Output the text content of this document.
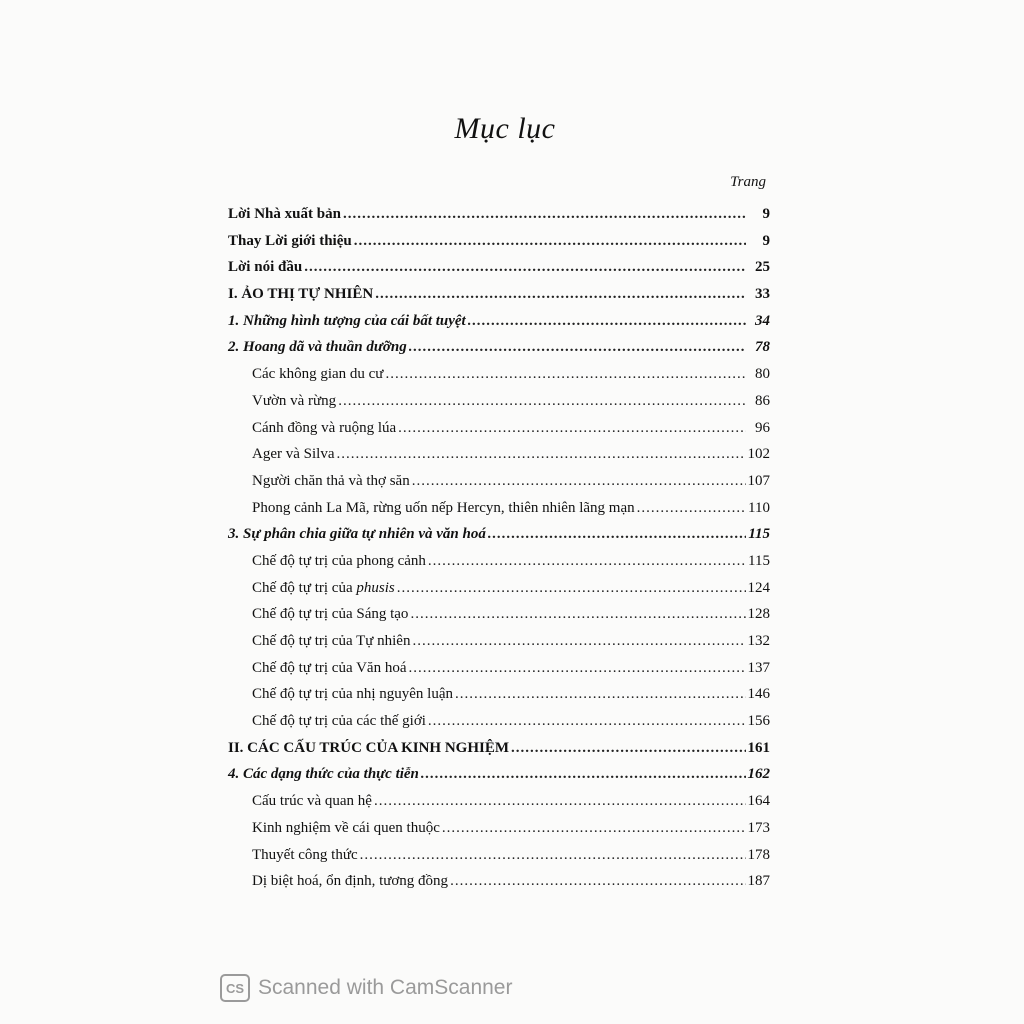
Mục lục
Trang
Lời Nhà xuất bản .....	9
Thay Lời giới thiệu .....	9
Lời nói đầu .....	25
I. ẢO THỊ TỰ NHIÊN .....	33
1. Những hình tượng của cái bất tuyệt .....	34
2. Hoang dã và thuần dưỡng .....	78
Các không gian du cư .....	80
Vườn và rừng .....	86
Cánh đồng và ruộng lúa .....	96
Ager và Silva .....	102
Người chăn thả và thợ săn .....	107
Phong cảnh La Mã, rừng uốn nếp Hercyn, thiên nhiên lãng mạn .....	110
3. Sự phân chia giữa tự nhiên và văn hoá .....	115
Chế độ tự trị của phong cảnh .....	115
Chế độ tự trị của phusis .....	124
Chế độ tự trị của Sáng tạo .....	128
Chế độ tự trị của Tự nhiên .....	132
Chế độ tự trị của Văn hoá .....	137
Chế độ tự trị của nhị nguyên luận .....	146
Chế độ tự trị của các thế giới .....	156
II. CÁC CẤU TRÚC CỦA KINH NGHIỆM .....	161
4. Các dạng thức của thực tiễn .....	162
Cấu trúc và quan hệ .....	164
Kinh nghiệm về cái quen thuộc .....	173
Thuyết công thức .....	178
Dị biệt hoá, ổn định, tương đồng .....	187
CS Scanned with CamScanner
